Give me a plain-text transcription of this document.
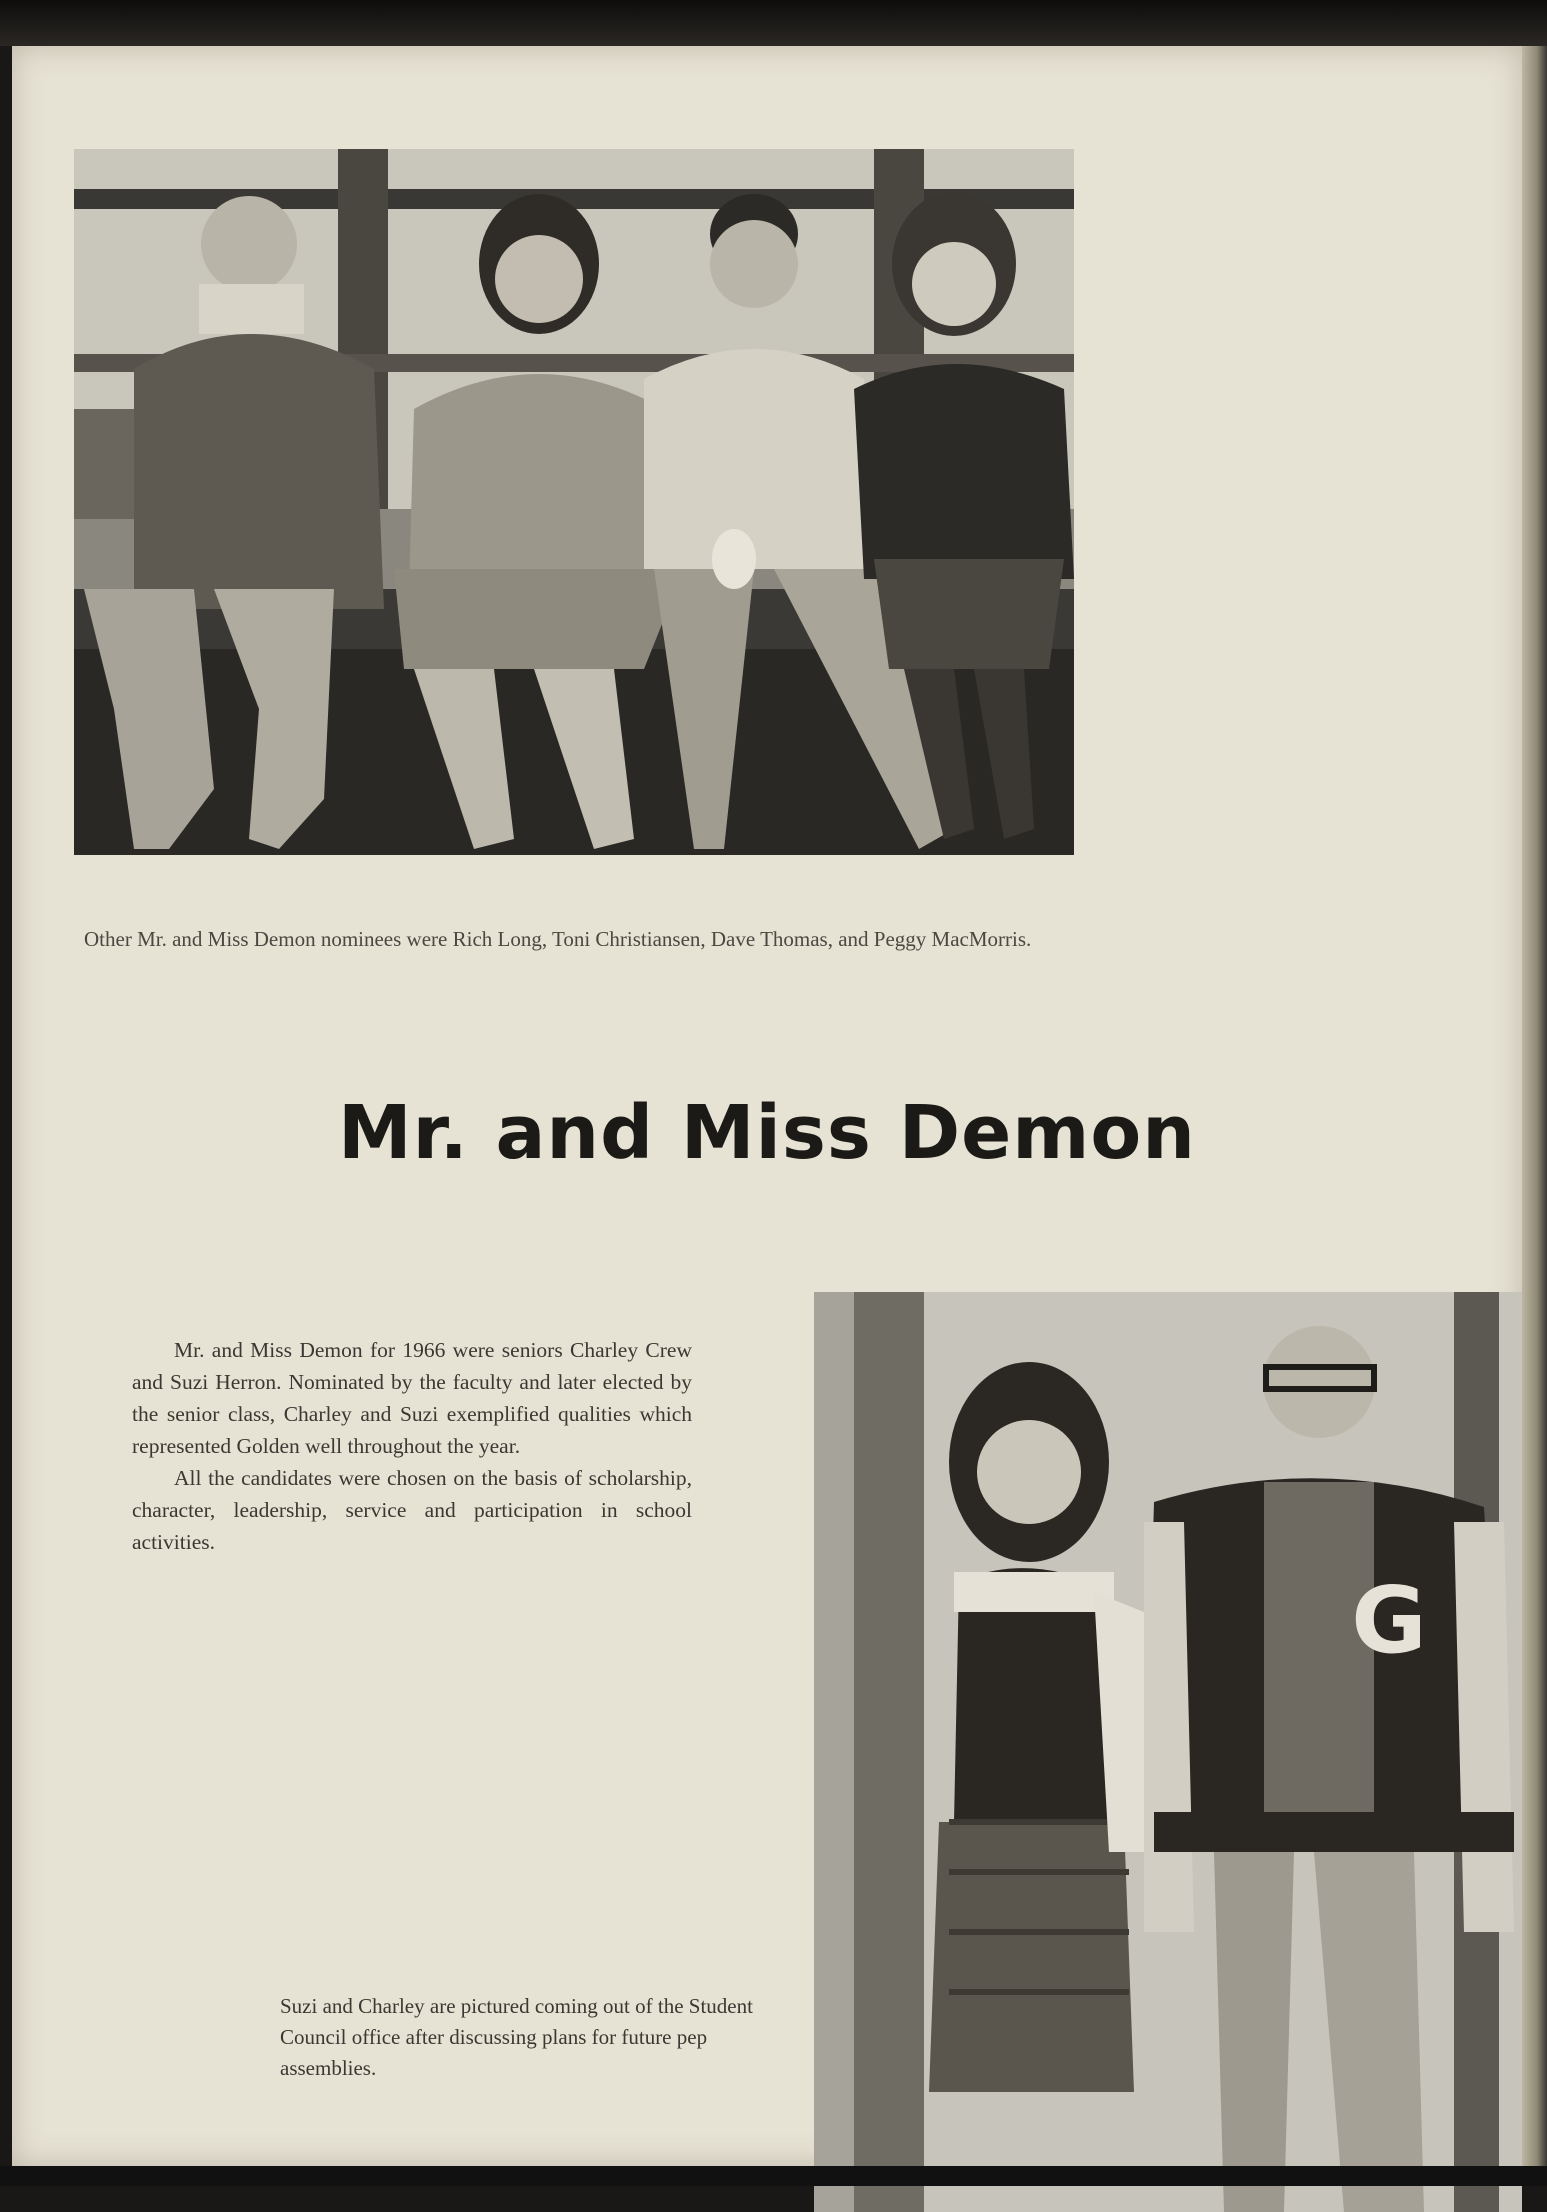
Other Mr. and Miss Demon nominees were Rich Long, Toni Christiansen, Dave Thomas, and Peggy MacMorris.
Mr. and Miss Demon

Mr. and Miss Demon for 1966 were seniors Charley Crew and Suzi Herron. Nominated by the faculty and later elected by the senior class, Charley and Suzi exemplified qualities which represented Golden well throughout the year.

All the candidates were chosen on the basis of scholarship, character, leadership, service and participation in school activities.

Suzi and Charley are pictured coming out of the Student Council office after discussing plans for future pep assemblies.
G
